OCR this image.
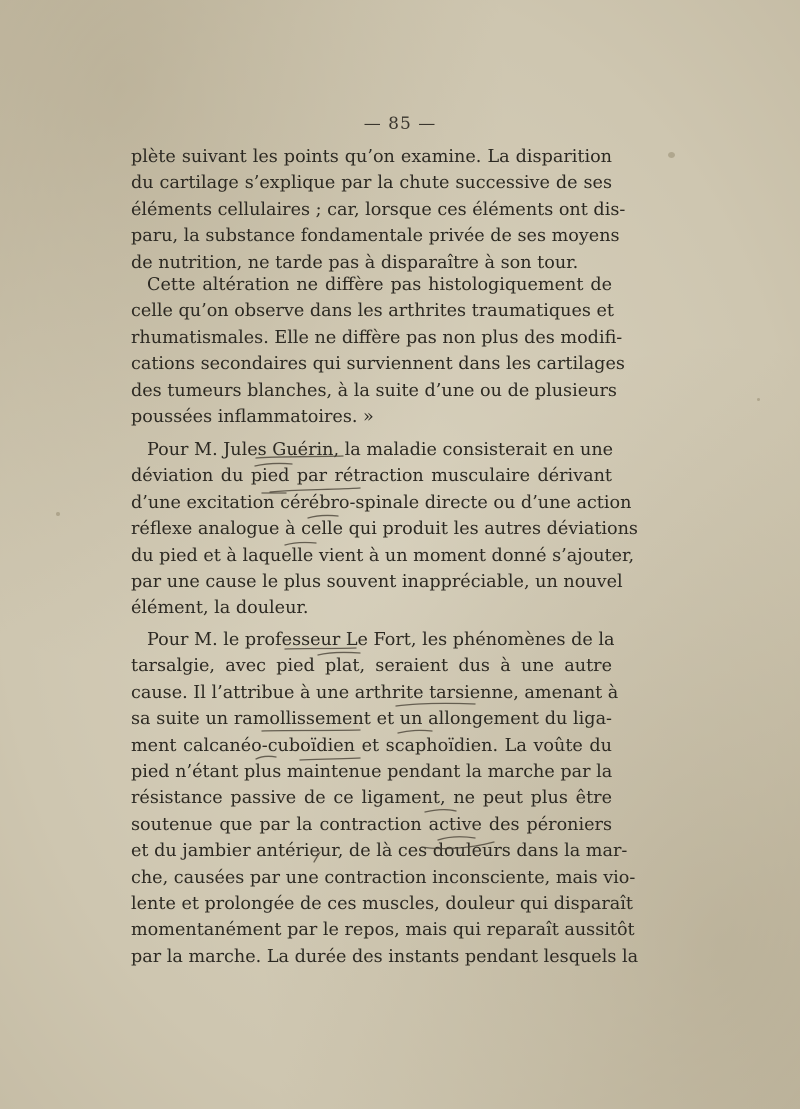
— 85 —
plète suivant les points qu’on examine. La disparition
du cartilage s’explique par la chute successive de ses
éléments cellulaires ; car, lorsque ces éléments ont dis-
paru, la substance fondamentale privée de ses moyens
de nutrition, ne tarde pas à disparaître à son tour.
Cette altération ne diffère pas histologiquement de
celle qu’on observe dans les arthrites traumatiques et
rhumatismales. Elle ne diffère pas non plus des modifi-
cations secondaires qui surviennent dans les cartilages
des tumeurs blanches, à la suite d’une ou de plusieurs
poussées inflammatoires. »
Pour M. Jules Guérin, la maladie consisterait en une
déviation du pied par rétraction musculaire dérivant
d’une excitation cérébro-spinale directe ou d’une action
réflexe analogue à celle qui produit les autres déviations
du pied et à laquelle vient à un moment donné s’ajouter,
par une cause le plus souvent inappréciable, un nouvel
élément, la douleur.
Pour M. le professeur Le Fort, les phénomènes de la
tarsalgie, avec pied plat, seraient dus à une autre
cause. Il l’attribue à une arthrite tarsienne, amenant à
sa suite un ramollissement et un allongement du liga-
ment calcanéo-cuboïdien et scaphoïdien. La voûte du
pied n’étant plus maintenue pendant la marche par la
résistance passive de ce ligament, ne peut plus être
soutenue que par la contraction active des péroniers
et du jambier antérieur, de là ces douleurs dans la mar-
che, causées par une contraction inconsciente, mais vio-
lente et prolongée de ces muscles, douleur qui disparaît
momentanément par le repos, mais qui reparaît aussitôt
par la marche. La durée des instants pendant lesquels la
